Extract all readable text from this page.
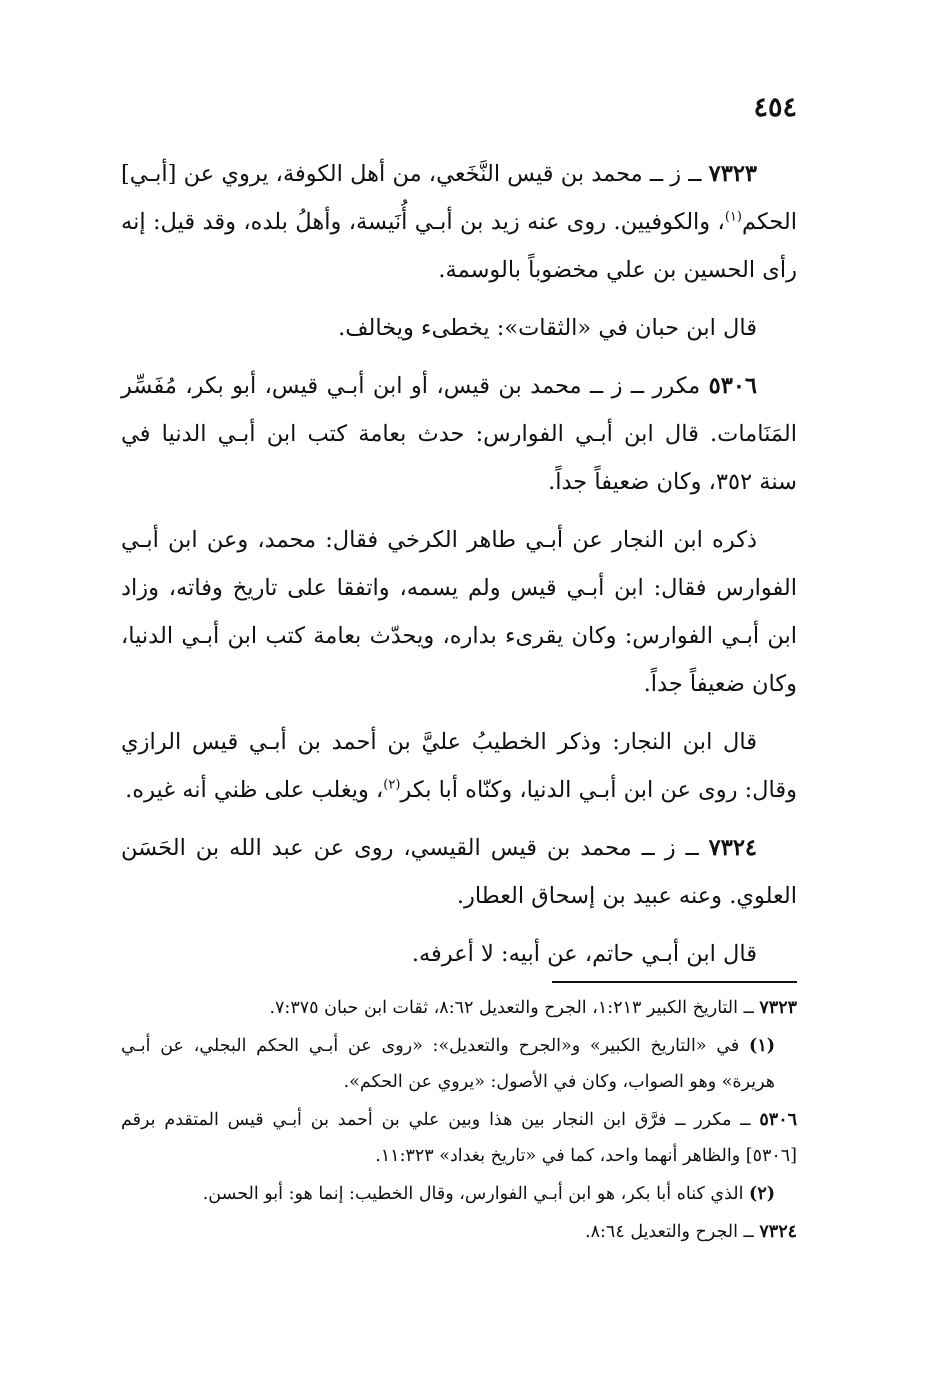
٤٥٤

٧٣٢٣ ــ ز ــ محمد بن قيس النَّخَعي، من أهل الكوفة، يروي عن [أبـي] الحكم$^{(١)}$، والكوفيين. روى عنه زيد بن أبـي أُنَيسة، وأهلُ بلده، وقد قيل: إنه رأى الحسين بن علي مخضوباً بالوسمة.

قال ابن حبان في «الثقات»: يخطىء ويخالف.

٥٣٠٦ مكرر ــ ز ــ محمد بن قيس، أو ابن أبـي قيس، أبو بكر، مُفَسِّر المَنَامات. قال ابن أبـي الفوارس: حدث بعامة كتب ابن أبـي الدنيا في سنة ٣٥٢، وكان ضعيفاً جداً.

ذكره ابن النجار عن أبـي طاهر الكرخي فقال: محمد، وعن ابن أبـي الفوارس فقال: ابن أبـي قيس ولم يسمه، واتفقا على تاريخ وفاته، وزاد ابن أبـي الفوارس: وكان يقرىء بداره، ويحدّث بعامة كتب ابن أبـي الدنيا، وكان ضعيفاً جداً.

قال ابن النجار: وذكر الخطيبُ عليَّ بن أحمد بن أبـي قيس الرازي وقال: روى عن ابن أبـي الدنيا، وكنّاه أبا بكر$^{(٢)}$، ويغلب على ظني أنه غيره.

٧٣٢٤ ــ ز ــ محمد بن قيس القيسي، روى عن عبد الله بن الحَسَن العلوي. وعنه عبيد بن إسحاق العطار.

قال ابن أبـي حاتم، عن أبيه: لا أعرفه.

٧٣٢٣ ــ التاريخ الكبير ١:٢١٣، الجرح والتعديل ٨:٦٢، ثقات ابن حبان ٧:٣٧٥.

(١) في «التاريخ الكبير» و«الجرح والتعديل»: «روى عن أبـي الحكم البجلي، عن أبـي هريرة» وهو الصواب، وكان في الأصول: «يروي عن الحكم».

٥٣٠٦ ــ مكرر ــ فرَّق ابن النجار بين هذا وبين علي بن أحمد بن أبـي قيس المتقدم برقم [٥٣٠٦] والظاهر أنهما واحد، كما في «تاريخ بغداد» ١١:٣٢٣.

(٢) الذي كناه أبا بكر، هو ابن أبـي الفوارس، وقال الخطيب: إنما هو: أبو الحسن.

٧٣٢٤ ــ الجرح والتعديل ٨:٦٤.
